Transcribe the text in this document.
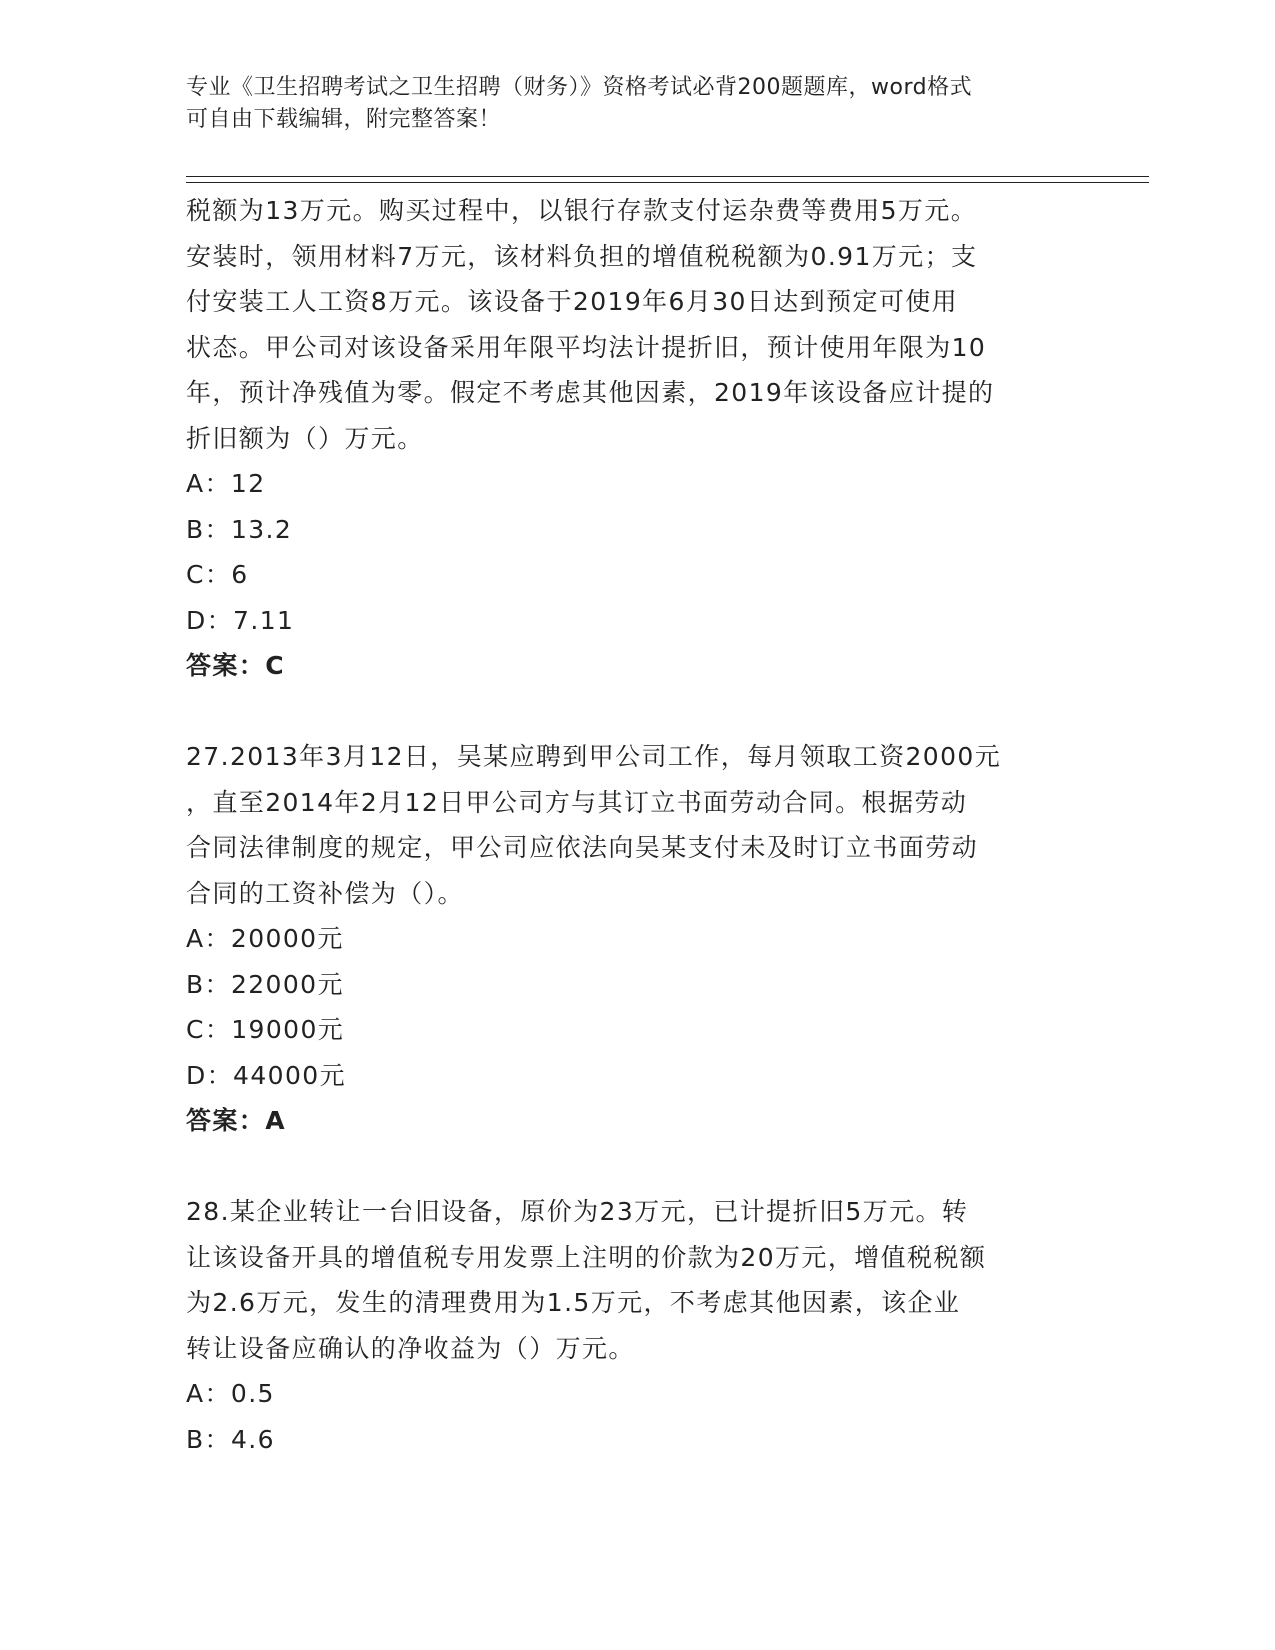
专业《卫生招聘考试之卫生招聘（财务）》资格考试必背200题题库，word格式
可自由下载编辑，附完整答案！

税额为13万元。购买过程中，以银行存款支付运杂费等费用5万元。

安装时，领用材料7万元，该材料负担的增值税税额为0.91万元；支

付安装工人工资8万元。该设备于2019年6月30日达到预定可使用

状态。甲公司对该设备采用年限平均法计提折旧，预计使用年限为10

年，预计净残值为零。假定不考虑其他因素，2019年该设备应计提的

折旧额为（）万元。

A：12

B：13.2

C：6

D：7.11

答案：C

27.2013年3月12日，吴某应聘到甲公司工作，每月领取工资2000元

，直至2014年2月12日甲公司方与其订立书面劳动合同。根据劳动

合同法律制度的规定，甲公司应依法向吴某支付未及时订立书面劳动

合同的工资补偿为（）。

A：20000元

B：22000元

C：19000元

D：44000元

答案：A

28.某企业转让一台旧设备，原价为23万元，已计提折旧5万元。转

让该设备开具的增值税专用发票上注明的价款为20万元，增值税税额

为2.6万元，发生的清理费用为1.5万元，不考虑其他因素，该企业

转让设备应确认的净收益为（）万元。

A：0.5

B：4.6
